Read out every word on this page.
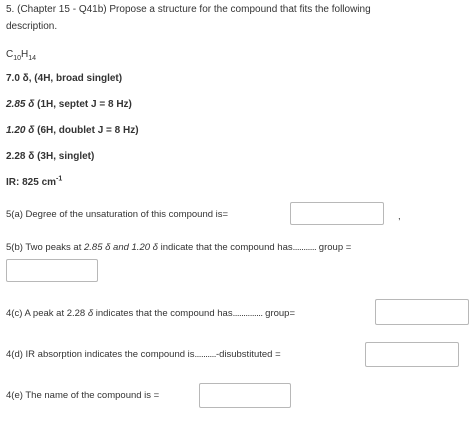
5. (Chapter 15 - Q41b) Propose a structure for the compound that fits the following
description.
$C_{10}H_{14}$
7.0 δ, (4H, broad singlet)
2.85 δ (1H, septet J = 8 Hz)
1.20 δ (6H, doublet J = 8 Hz)
2.28 δ (3H, singlet)
IR: 825 $cm^{-1}$
5(a) Degree of the unsaturation of this compound is=	,
5(b) Two peaks at 2.85 δ and 1.20 δ indicate that the compound has........... group =
4(c) A peak at 2.28 δ indicates that the compound has.............. group=
4(d) IR absorption indicates the compound is..........-disubstituted =
4(e) The name of the compound is =
